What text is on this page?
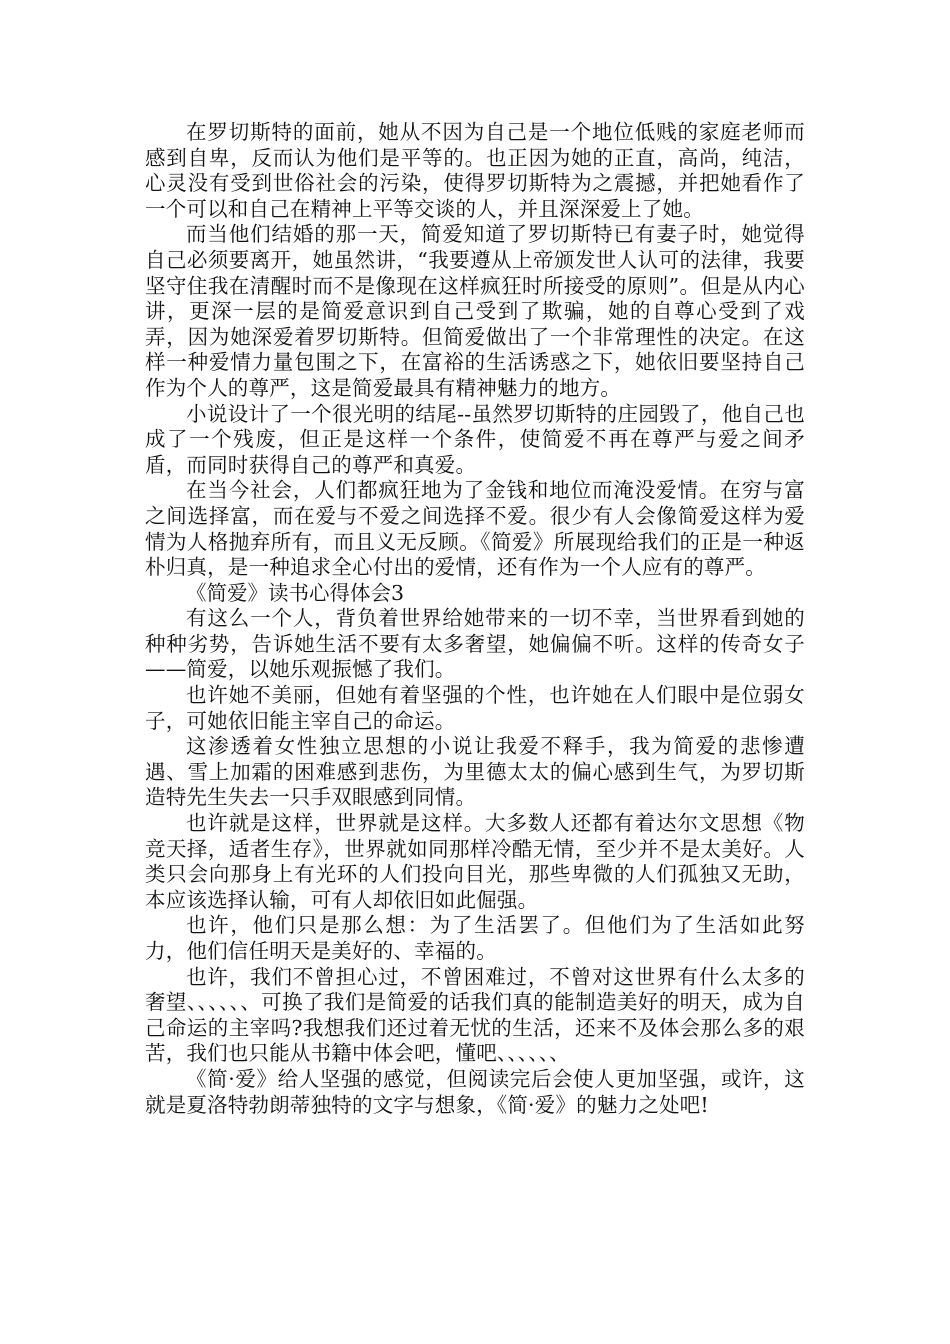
在罗切斯特的面前，她从不因为自己是一个地位低贱的家庭老师而感到自卑，反而认为他们是平等的。也正因为她的正直，高尚，纯洁，心灵没有受到世俗社会的污染，使得罗切斯特为之震撼，并把她看作了一个可以和自己在精神上平等交谈的人，并且深深爱上了她。

而当他们结婚的那一天，简爱知道了罗切斯特已有妻子时，她觉得自己必须要离开，她虽然讲，“我要遵从上帝颁发世人认可的法律，我要坚守住我在清醒时而不是像现在这样疯狂时所接受的原则”。但是从内心讲，更深一层的是简爱意识到自己受到了欺骗，她的自尊心受到了戏弄，因为她深爱着罗切斯特。但简爱做出了一个非常理性的决定。在这样一种爱情力量包围之下，在富裕的生活诱惑之下，她依旧要坚持自己作为个人的尊严，这是简爱最具有精神魅力的地方。

小说设计了一个很光明的结尾--虽然罗切斯特的庄园毁了，他自己也成了一个残废，但正是这样一个条件，使简爱不再在尊严与爱之间矛盾，而同时获得自己的尊严和真爱。

在当今社会，人们都疯狂地为了金钱和地位而淹没爱情。在穷与富之间选择富，而在爱与不爱之间选择不爱。很少有人会像简爱这样为爱情为人格抛弃所有，而且义无反顾。《简爱》所展现给我们的正是一种返朴归真，是一种追求全心付出的爱情，还有作为一个人应有的尊严。

《简爱》读书心得体会3

有这么一个人，背负着世界给她带来的一切不幸，当世界看到她的种种劣势，告诉她生活不要有太多奢望，她偏偏不听。这样的传奇女子——简爱，以她乐观振憾了我们。

也许她不美丽，但她有着坚强的个性，也许她在人们眼中是位弱女子，可她依旧能主宰自己的命运。

这渗透着女性独立思想的小说让我爱不释手，我为简爱的悲惨遭遇、雪上加霜的困难感到悲伤，为里德太太的偏心感到生气，为罗切斯造特先生失去一只手双眼感到同情。

也许就是这样，世界就是这样。大多数人还都有着达尔文思想《物竞天择，适者生存》，世界就如同那样冷酷无情，至少并不是太美好。人类只会向那身上有光环的人们投向目光，那些卑微的人们孤独又无助，本应该选择认输，可有人却依旧如此倔强。

也许，他们只是那么想：为了生活罢了。但他们为了生活如此努力，他们信任明天是美好的、幸福的。

也许，我们不曾担心过，不曾困难过，不曾对这世界有什么太多的奢望、、、、、、可换了我们是简爱的话我们真的能制造美好的明天，成为自己命运的主宰吗?我想我们还过着无忧的生活，还来不及体会那么多的艰苦，我们也只能从书籍中体会吧，懂吧、、、、、、

《简·爱》给人坚强的感觉，但阅读完后会使人更加坚强，或许，这就是夏洛特勃朗蒂独特的文字与想象，《简·爱》的魅力之处吧!
